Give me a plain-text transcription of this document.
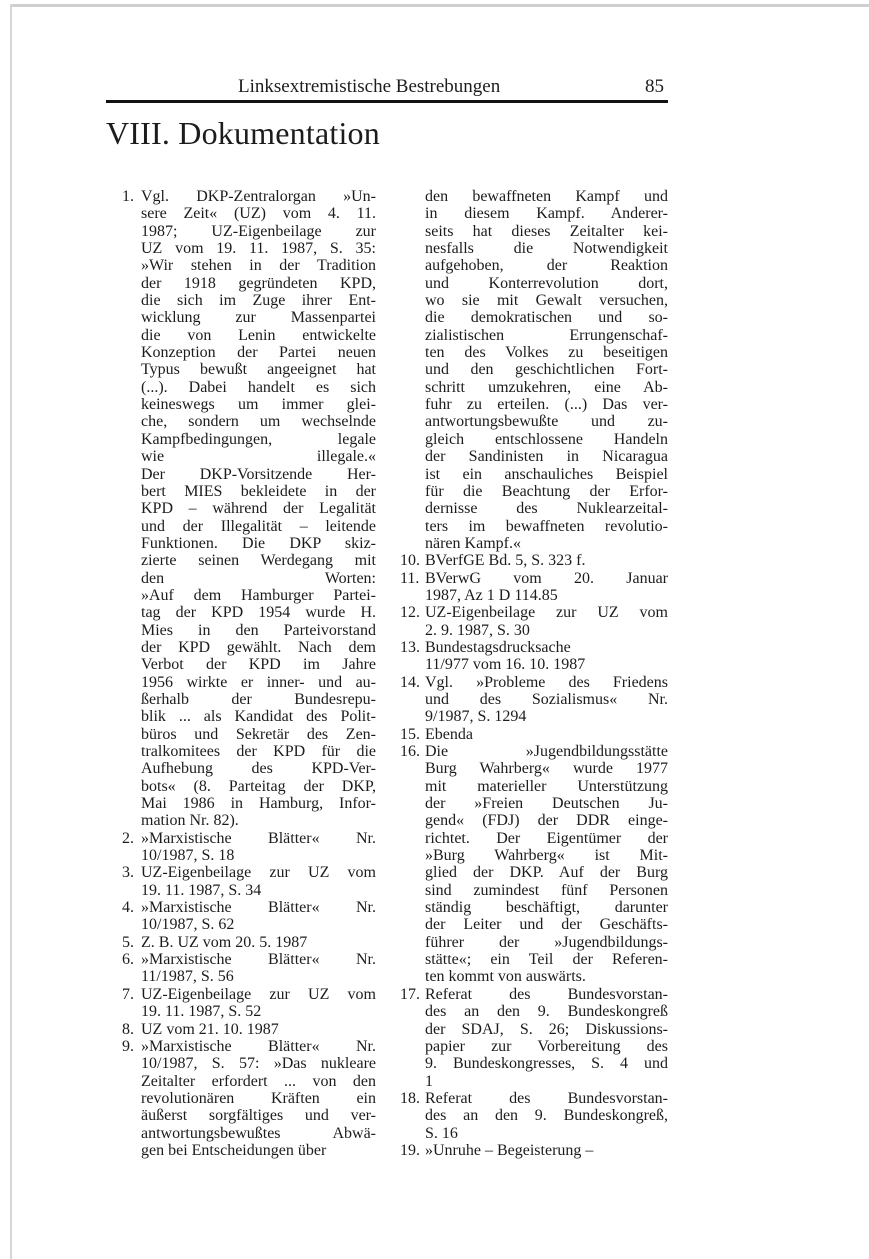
Linksextremistische Bestrebungen	85
VIII. Dokumentation
1. Vgl. DKP-Zentralorgan »Un-
sere Zeit« (UZ) vom 4. 11.
1987; UZ-Eigenbeilage zur
UZ vom 19. 11. 1987, S. 35:
»Wir stehen in der Tradition
der 1918 gegründeten KPD,
die sich im Zuge ihrer Ent-
wicklung zur Massenpartei
die von Lenin entwickelte
Konzeption der Partei neuen
Typus bewußt angeeignet hat
(...). Dabei handelt es sich
keineswegs um immer glei-
che, sondern um wechselnde
Kampfbedingungen, legale
wie illegale.«
Der DKP-Vorsitzende Her-
bert MIES bekleidete in der
KPD – während der Legalität
und der Illegalität – leitende
Funktionen. Die DKP skiz-
zierte seinen Werdegang mit
den Worten:
»Auf dem Hamburger Partei-
tag der KPD 1954 wurde H.
Mies in den Parteivorstand
der KPD gewählt. Nach dem
Verbot der KPD im Jahre
1956 wirkte er inner- und au-
ßerhalb der Bundesrepu-
blik ... als Kandidat des Polit-
büros und Sekretär des Zen-
tralkomitees der KPD für die
Aufhebung des KPD-Ver-
bots« (8. Parteitag der DKP,
Mai 1986 in Hamburg, Infor-
mation Nr. 82).
2. »Marxistische Blätter« Nr.
10/1987, S. 18
3. UZ-Eigenbeilage zur UZ vom
19. 11. 1987, S. 34
4. »Marxistische Blätter« Nr.
10/1987, S. 62
5. Z. B. UZ vom 20. 5. 1987
6. »Marxistische Blätter« Nr.
11/1987, S. 56
7. UZ-Eigenbeilage zur UZ vom
19. 11. 1987, S. 52
8. UZ vom 21. 10. 1987
9. »Marxistische Blätter« Nr.
10/1987, S. 57: »Das nukleare
Zeitalter erfordert ... von den
revolutionären Kräften ein
äußerst sorgfältiges und ver-
antwortungsbewußtes Abwä-
gen bei Entscheidungen über
den bewaffneten Kampf und
in diesem Kampf. Anderer-
seits hat dieses Zeitalter kei-
nesfalls die Notwendigkeit
aufgehoben, der Reaktion
und Konterrevolution dort,
wo sie mit Gewalt versuchen,
die demokratischen und so-
zialistischen Errungenschaf-
ten des Volkes zu beseitigen
und den geschichtlichen Fort-
schritt umzukehren, eine Ab-
fuhr zu erteilen. (...) Das ver-
antwortungsbewußte und zu-
gleich entschlossene Handeln
der Sandinisten in Nicaragua
ist ein anschauliches Beispiel
für die Beachtung der Erfor-
dernisse des Nuklearzeital-
ters im bewaffneten revolutio-
nären Kampf.«
10. BVerfGE Bd. 5, S. 323 f.
11. BVerwG vom 20. Januar
1987, Az 1 D 114.85
12. UZ-Eigenbeilage zur UZ vom
2. 9. 1987, S. 30
13. Bundestagsdrucksache
11/977 vom 16. 10. 1987
14. Vgl. »Probleme des Friedens
und des Sozialismus« Nr.
9/1987, S. 1294
15. Ebenda
16. Die »Jugendbildungsstätte
Burg Wahrberg« wurde 1977
mit materieller Unterstützung
der »Freien Deutschen Ju-
gend« (FDJ) der DDR einge-
richtet. Der Eigentümer der
»Burg Wahrberg« ist Mit-
glied der DKP. Auf der Burg
sind zumindest fünf Personen
ständig beschäftigt, darunter
der Leiter und der Geschäfts-
führer der »Jugendbildungs-
stätte«; ein Teil der Referen-
ten kommt von auswärts.
17. Referat des Bundesvorstan-
des an den 9. Bundeskongreß
der SDAJ, S. 26; Diskussions-
papier zur Vorbereitung des
9. Bundeskongresses, S. 4 und
1
18. Referat des Bundesvorstan-
des an den 9. Bundeskongreß,
S. 16
19. »Unruhe – Begeisterung –
